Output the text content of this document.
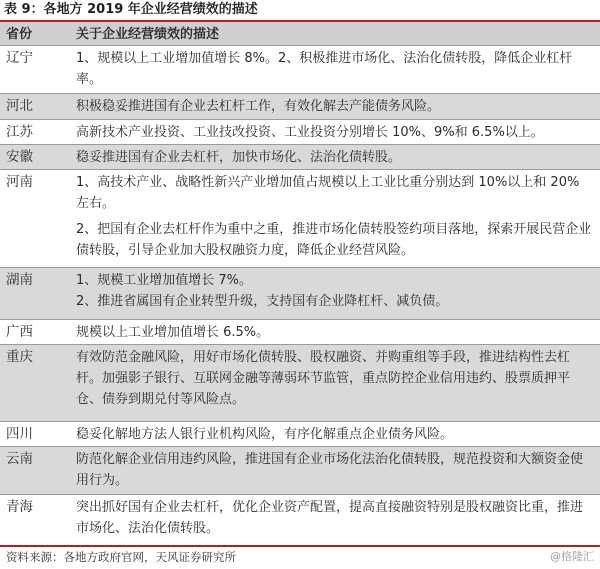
表 9：各地方 2019 年企业经营绩效的描述
省份	关于企业经营绩效的描述
辽宁	1、规模以上工业增加值增长 8%。2、积极推进市场化、法治化债转股，降低企业杠杆率。
河北	积极稳妥推进国有企业去杠杆工作，有效化解去产能债务风险。
江苏	高新技术产业投资、工业技改投资、工业投资分别增长 10%、9%和 6.5%以上。
安徽	稳妥推进国有企业去杠杆，加快市场化、法治化债转股。
河南	1、高技术产业、战略性新兴产业增加值占规模以上工业比重分别达到 10%以上和 20%左右。
2、把国有企业去杠杆作为重中之重，推进市场化债转股签约项目落地，探索开展民营企业债转股，引导企业加大股权融资力度，降低企业经营风险。
湖南	1、规模工业增加值增长 7%。
2、推进省属国有企业转型升级，支持国有企业降杠杆、减负债。
广西	规模以上工业增加值增长 6.5%。
重庆	有效防范金融风险，用好市场化债转股、股权融资、并购重组等手段，推进结构性去杠杆。加强影子银行、互联网金融等薄弱环节监管，重点防控企业信用违约、股票质押平仓、债券到期兑付等风险点。
四川	稳妥化解地方法人银行业机构风险，有序化解重点企业债务风险。
云南	防范化解企业信用违约风险，推进国有企业市场化法治化债转股，规范投资和大额资金使用行为。
青海	突出抓好国有企业去杠杆，优化企业资产配置，提高直接融资特别是股权融资比重，推进市场化、法治化债转股。
资料来源：各地方政府官网，天风证券研究所	@格隆汇
